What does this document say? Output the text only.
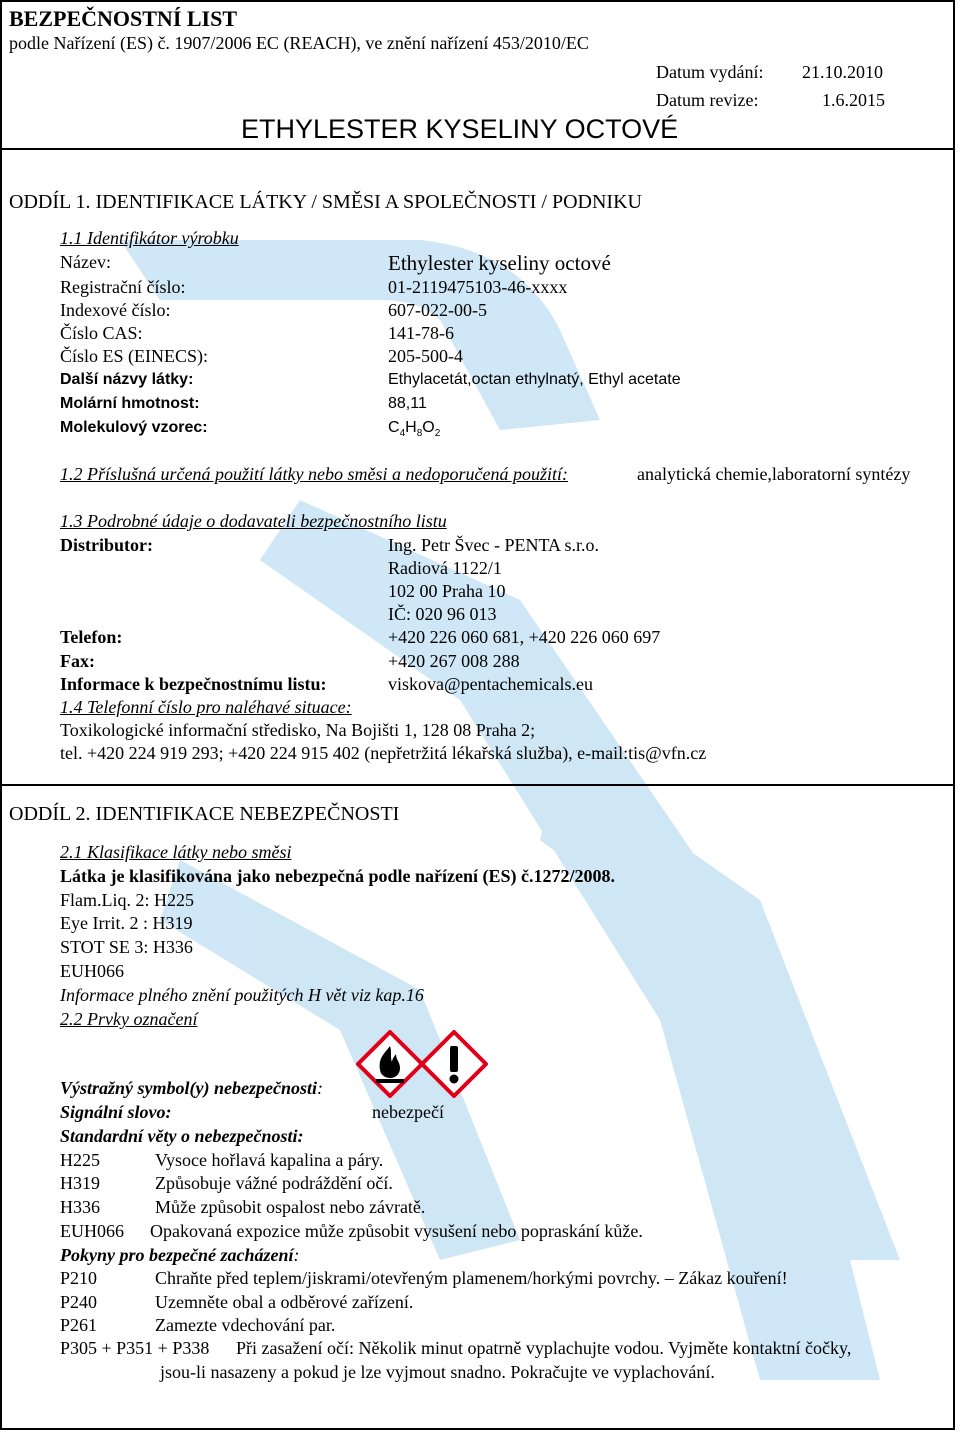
BEZPEČNOSTNÍ LIST
podle Nařízení (ES) č. 1907/2006 EC (REACH), ve znění nařízení 453/2010/EC
Datum vydání: 21.10.2010
Datum revize:	1.6.2015
ETHYLESTER KYSELINY OCTOVÉ
ODDÍL 1. IDENTIFIKACE LÁTKY / SMĚSI A SPOLEČNOSTI / PODNIKU
1.1 Identifikátor výrobku
Název:	Ethylester kyseliny octové
Registrační číslo:	01-2119475103-46-xxxx
Indexové číslo:	607-022-00-5
Číslo CAS:	141-78-6
Číslo ES (EINECS):	205-500-4
Další názvy látky:	Ethylacetát,octan ethylnatý, Ethyl acetate
Molární hmotnost:	88,11
Molekulový vzorec:	$C_4H_8O_2$
1.2 Příslušná určená použití látky nebo směsi a nedoporučená použití:	analytická chemie,laboratorní syntézy
1.3 Podrobné údaje o dodavateli bezpečnostního listu
Distributor:	Ing. Petr Švec - PENTA s.r.o.
Radiová 1122/1
102 00 Praha 10
IČ: 020 96 013
Telefon:	+420 226 060 681, +420 226 060 697
Fax:	+420 267 008 288
Informace k bezpečnostnímu listu:	viskova@pentachemicals.eu
1.4 Telefonní číslo pro naléhavé situace:
Toxikologické informační středisko, Na Bojišti 1, 128 08 Praha 2;
tel. +420 224 919 293; +420 224 915 402 (nepřetržitá lékařská služba), e-mail:tis@vfn.cz
ODDÍL 2. IDENTIFIKACE NEBEZPEČNOSTI
2.1 Klasifikace látky nebo směsi
Látka je klasifikována jako nebezpečná podle nařízení (ES) č.1272/2008.
Flam.Liq. 2: H225
Eye Irrit. 2 : H319
STOT SE 3: H336
EUH066
Informace plného znění použitých H vět viz kap.16
2.2 Prvky označení
Výstražný symbol(y) nebezpečnosti:
Signální slovo:	nebezpečí
Standardní věty o nebezpečnosti:
H225	Vysoce hořlavá kapalina a páry.
H319	Způsobuje vážné podráždění očí.
H336	Může způsobit ospalost nebo závratě.
EUH066 Opakovaná expozice může způsobit vysušení nebo popraskání kůže.
Pokyny pro bezpečné zacházení:
P210	Chraňte před teplem/jiskrami/otevřeným plamenem/horkými povrchy. – Zákaz kouření!
P240	Uzemněte obal a odběrové zařízení.
P261	Zamezte vdechování par.
P305 + P351 + P338 Při zasažení očí: Několik minut opatrně vyplachujte vodou. Vyjměte kontaktní čočky,
jsou-li nasazeny a pokud je lze vyjmout snadno. Pokračujte ve vyplachování.
